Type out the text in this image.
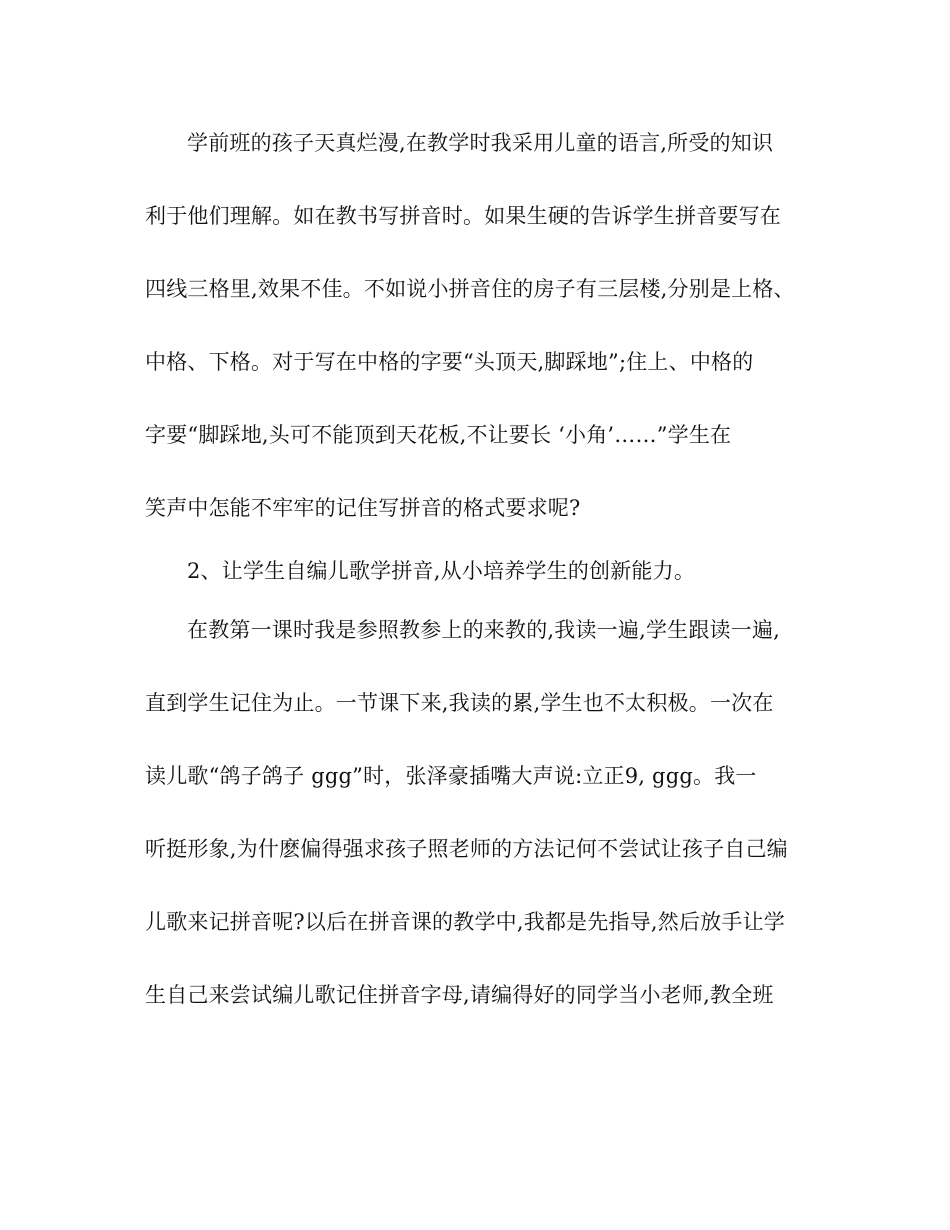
学前班的孩子天真烂漫,在教学时我采用儿童的语言,所受的知识
利于他们理解。如在教书写拼音时。如果生硬的告诉学生拼音要写在
四线三格里,效果不佳。不如说小拼音住的房子有三层楼,分别是上格、
中格、下格。对于写在中格的字要“头顶天,脚踩地”;住上、中格的
字要“脚踩地,头可不能顶到天花板,不让要长 ‘小角’……”学生在
笑声中怎能不牢牢的记住写拼音的格式要求呢?
2、让学生自编儿歌学拼音,从小培养学生的创新能力。
在教第一课时我是参照教参上的来教的,我读一遍,学生跟读一遍,
直到学生记住为止。一节课下来,我读的累,学生也不太积极。一次在
读儿歌“鸽子鸽子 ggg”时，张泽豪插嘴大声说:立正9, ggg。我一
听挺形象,为什麽偏得强求孩子照老师的方法记何不尝试让孩子自己编
儿歌来记拼音呢?以后在拼音课的教学中,我都是先指导,然后放手让学
生自己来尝试编儿歌记住拼音字母,请编得好的同学当小老师,教全班
